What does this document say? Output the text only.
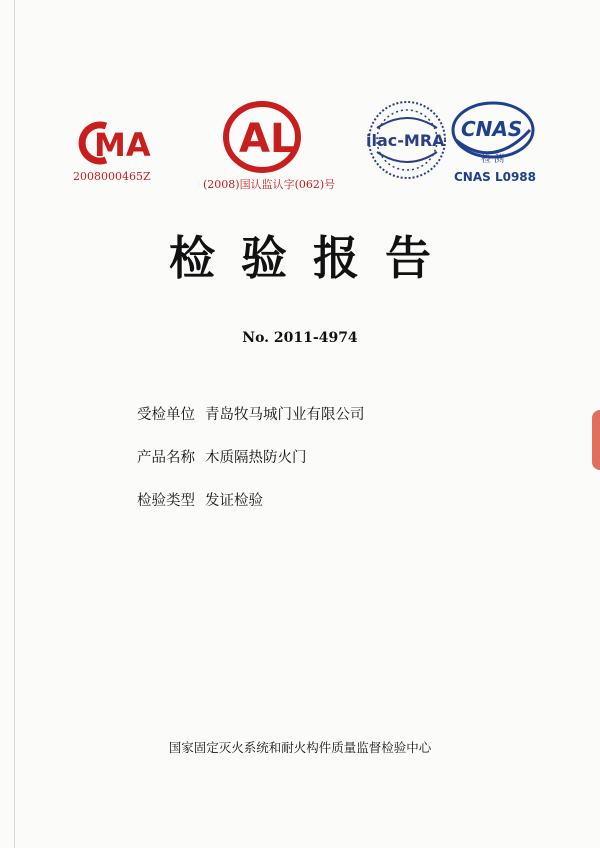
MA
2008000465Z
AL
(2008)国认监认字(062)号
ilac-MRA CNAS
检 测
CNAS L0988
检验报告
No. 2011-4974
受检单位 青岛牧马城门业有限公司
产品名称 木质隔热防火门
检验类型 发证检验
国家固定灭火系统和耐火构件质量监督检验中心
